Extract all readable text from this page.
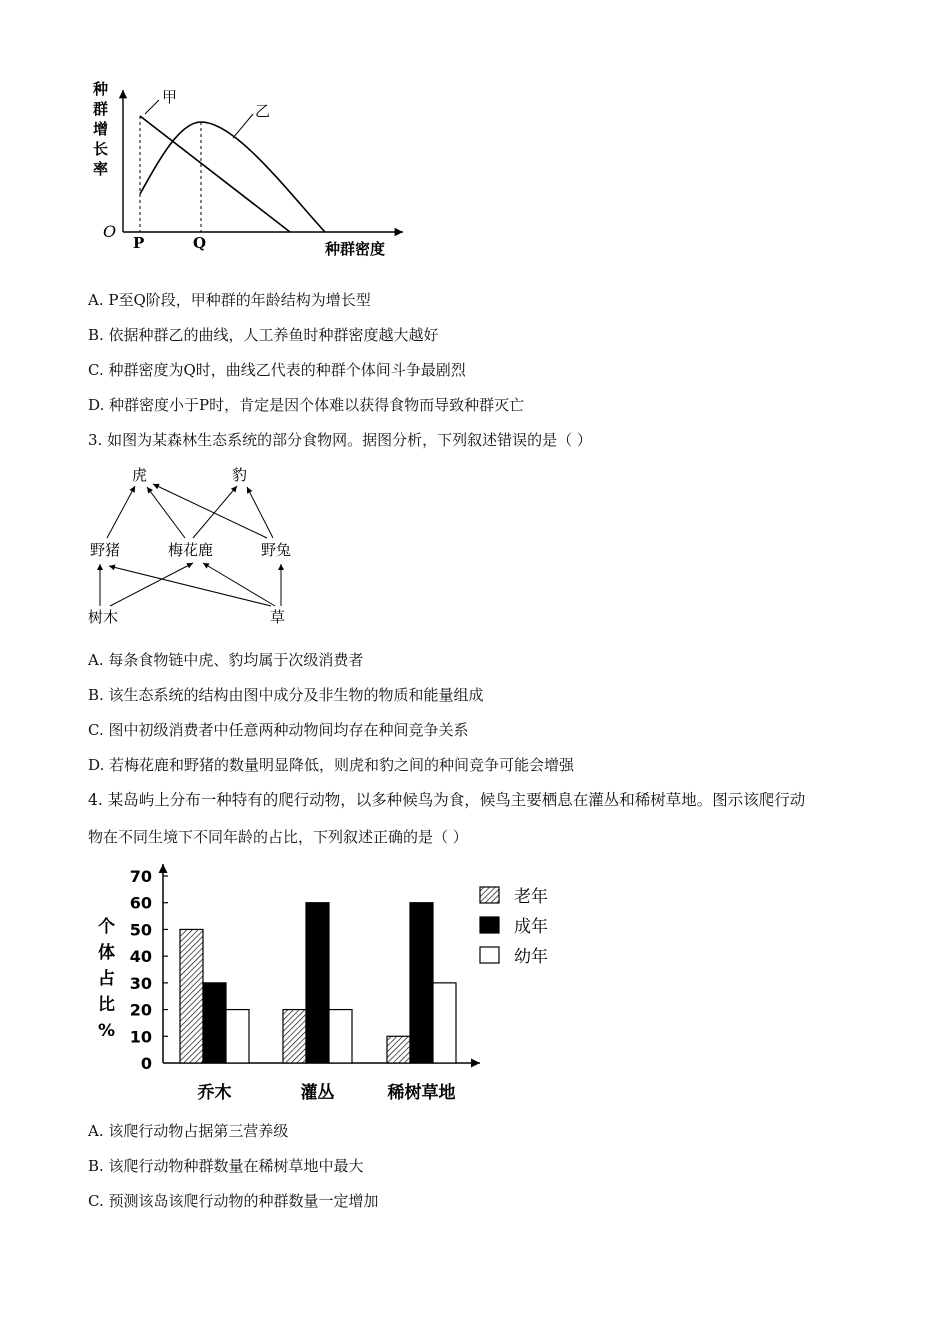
种
群
增
长
率
O
P	Q	种群密度
甲
乙
A. P至Q阶段，甲种群的年龄结构为增长型
B. 依据种群乙的曲线，人工养鱼时种群密度越大越好
C. 种群密度为Q时，曲线乙代表的种群个体间斗争最剧烈
D. 种群密度小于P时，肯定是因个体难以获得食物而导致种群灭亡
3. 如图为某森林生态系统的部分食物网。据图分析，下列叙述错误的是（ ）
虎	豹
野猪	梅花鹿	野兔
树木	草
A. 每条食物链中虎、豹均属于次级消费者
B. 该生态系统的结构由图中成分及非生物的物质和能量组成
C. 图中初级消费者中任意两种动物间均存在种间竞争关系
D. 若梅花鹿和野猪的数量明显降低，则虎和豹之间的种间竞争可能会增强
4. 某岛屿上分布一种特有的爬行动物，以多种候鸟为食，候鸟主要栖息在灌丛和稀树草地。图示该爬行动
物在不同生境下不同年龄的占比，下列叙述正确的是（ ）
个
体
占
比
%
0
10
20
30
40
50
60
70
乔木	灌丛	稀树草地
老年
成年
幼年
A. 该爬行动物占据第三营养级
B. 该爬行动物种群数量在稀树草地中最大
C. 预测该岛该爬行动物的种群数量一定增加
